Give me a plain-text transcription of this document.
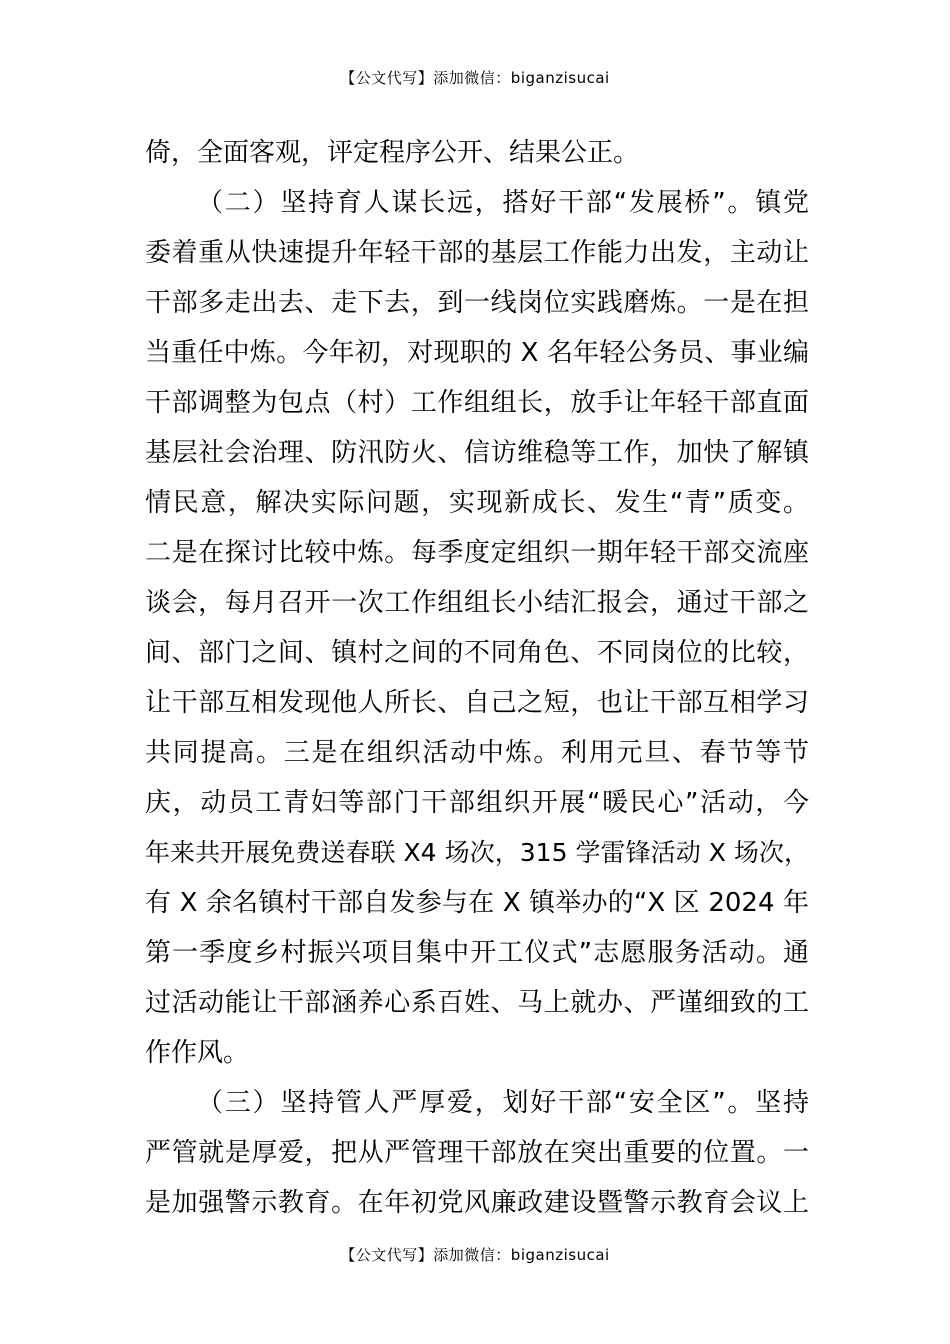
【公文代写】添加微信：biganzisucai
倚，全面客观，评定程序公开、结果公正。
（二）坚持育人谋长远，搭好干部“发展桥”。镇党
委着重从快速提升年轻干部的基层工作能力出发，主动让
干部多走出去、走下去，到一线岗位实践磨炼。一是在担
当重任中炼。今年初，对现职的 X 名年轻公务员、事业编
干部调整为包点（村）工作组组长，放手让年轻干部直面
基层社会治理、防汛防火、信访维稳等工作，加快了解镇
情民意，解决实际问题，实现新成长、发生“青”质变。
二是在探讨比较中炼。每季度定组织一期年轻干部交流座
谈会，每月召开一次工作组组长小结汇报会，通过干部之
间、部门之间、镇村之间的不同角色、不同岗位的比较，
让干部互相发现他人所长、自己之短，也让干部互相学习
共同提高。三是在组织活动中炼。利用元旦、春节等节
庆，动员工青妇等部门干部组织开展“暖民心”活动，今
年来共开展免费送春联 X4 场次，315 学雷锋活动 X 场次，
有 X 余名镇村干部自发参与在 X 镇举办的“X 区 2024 年
第一季度乡村振兴项目集中开工仪式”志愿服务活动。通
过活动能让干部涵养心系百姓、马上就办、严谨细致的工
作作风。
（三）坚持管人严厚爱，划好干部“安全区”。坚持
严管就是厚爱，把从严管理干部放在突出重要的位置。一
是加强警示教育。在年初党风廉政建设暨警示教育会议上
【公文代写】添加微信：biganzisucai
